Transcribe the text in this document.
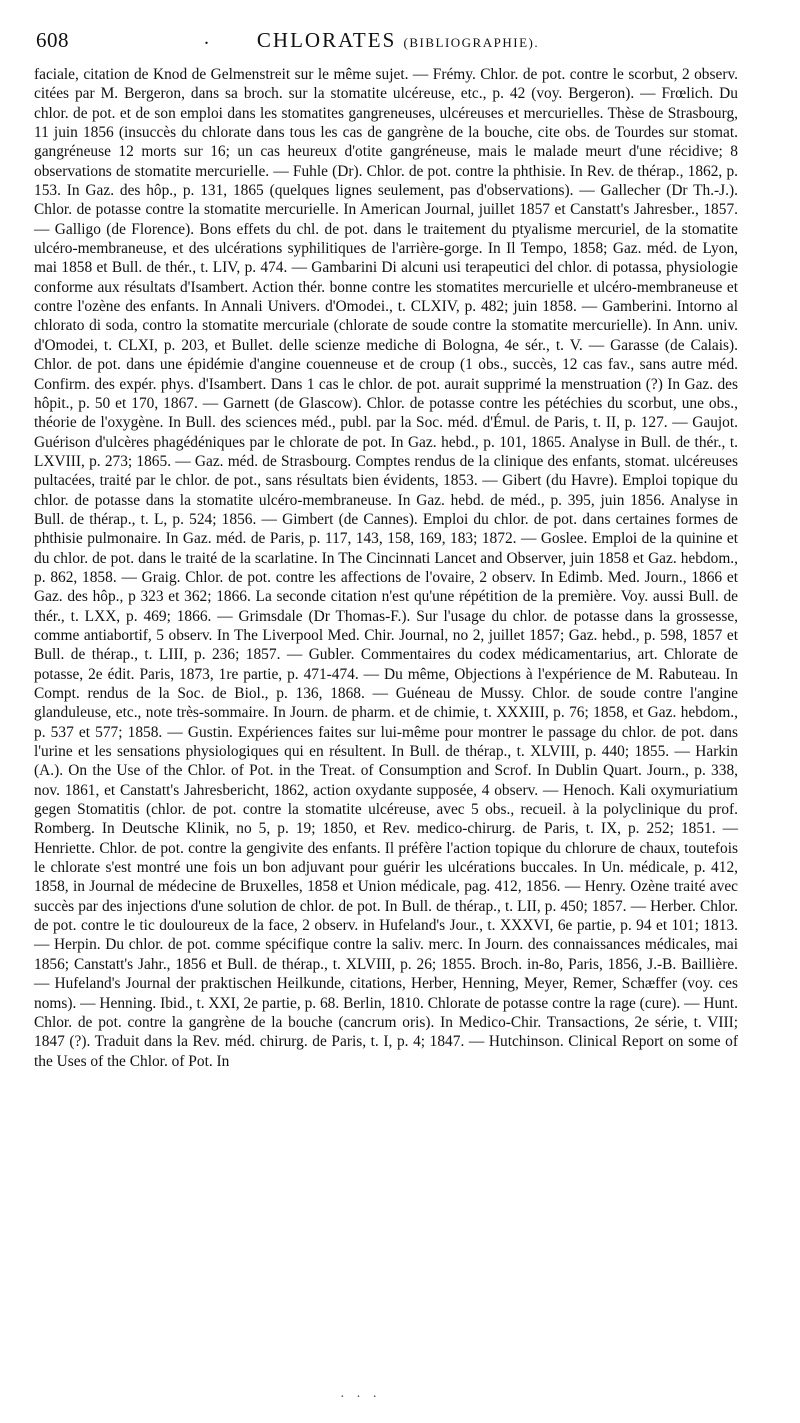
608	.	CHLORATES (BIBLIOGRAPHIE).
faciale, citation de Knod de Gelmenstreit sur le même sujet. — Frémy. Chlor. de pot. contre le scorbut, 2 observ. citées par M. Bergeron, dans sa broch. sur la stomatite ulcéreuse, etc., p. 42 (voy. Bergeron). — Frœlich. Du chlor. de pot. et de son emploi dans les stomatites gangreneuses, ulcéreuses et mercurielles. Thèse de Strasbourg, 11 juin 1856 (insuccès du chlorate dans tous les cas de gangrène de la bouche, cite obs. de Tourdes sur stomat. gangréneuse 12 morts sur 16; un cas heureux d'otite gangréneuse, mais le malade meurt d'une récidive; 8 observations de stomatite mercurielle. — Fuhle (Dr). Chlor. de pot. contre la phthisie. In Rev. de thérap., 1862, p. 153. In Gaz. des hôp., p. 131, 1865 (quelques lignes seulement, pas d'observations). — Gallecher (Dr Th.-J.). Chlor. de potasse contre la stomatite mercurielle. In American Journal, juillet 1857 et Canstatt's Jahresber., 1857. — Galligo (de Florence). Bons effets du chl. de pot. dans le traitement du ptyalisme mercuriel, de la stomatite ulcéro-membraneuse, et des ulcérations syphilitiques de l'arrière-gorge. In Il Tempo, 1858; Gaz. méd. de Lyon, mai 1858 et Bull. de thér., t. LIV, p. 474. — Gambarini Di alcuni usi terapeutici del chlor. di potassa, physiologie conforme aux résultats d'Isambert. Action thér. bonne contre les stomatites mercurielle et ulcéro-membraneuse et contre l'ozène des enfants. In Annali Univers. d'Omodei., t. CLXIV, p. 482; juin 1858. — Gamberini. Intorno al chlorato di soda, contro la stomatite mercuriale (chlorate de soude contre la stomatite mercurielle). In Ann. univ. d'Omodei, t. CLXI, p. 203, et Bullet. delle scienze mediche di Bologna, 4e sér., t. V. — Garasse (de Calais). Chlor. de pot. dans une épidémie d'angine couenneuse et de croup (1 obs., succès, 12 cas fav., sans autre méd. Confirm. des expér. phys. d'Isambert. Dans 1 cas le chlor. de pot. aurait supprimé la menstruation (?) In Gaz. des hôpit., p. 50 et 170, 1867. — Garnett (de Glascow). Chlor. de potasse contre les pétéchies du scorbut, une obs., théorie de l'oxygène. In Bull. des sciences méd., publ. par la Soc. méd. d'Émul. de Paris, t. II, p. 127. — Gaujot. Guérison d'ulcères phagédéniques par le chlorate de pot. In Gaz. hebd., p. 101, 1865. Analyse in Bull. de thér., t. LXVIII, p. 273; 1865. — Gaz. méd. de Strasbourg. Comptes rendus de la clinique des enfants, stomat. ulcéreuses pultacées, traité par le chlor. de pot., sans résultats bien évidents, 1853. — Gibert (du Havre). Emploi topique du chlor. de potasse dans la stomatite ulcéro-membraneuse. In Gaz. hebd. de méd., p. 395, juin 1856. Analyse in Bull. de thérap., t. L, p. 524; 1856. — Gimbert (de Cannes). Emploi du chlor. de pot. dans certaines formes de phthisie pulmonaire. In Gaz. méd. de Paris, p. 117, 143, 158, 169, 183; 1872. — Goslee. Emploi de la quinine et du chlor. de pot. dans le traité de la scarlatine. In The Cincinnati Lancet and Observer, juin 1858 et Gaz. hebdom., p. 862, 1858. — Graig. Chlor. de pot. contre les affections de l'ovaire, 2 observ. In Edimb. Med. Journ., 1866 et Gaz. des hôp., p 323 et 362; 1866. La seconde citation n'est qu'une répétition de la première. Voy. aussi Bull. de thér., t. LXX, p. 469; 1866. — Grimsdale (Dr Thomas-F.). Sur l'usage du chlor. de potasse dans la grossesse, comme antiabortif, 5 observ. In The Liverpool Med. Chir. Journal, no 2, juillet 1857; Gaz. hebd., p. 598, 1857 et Bull. de thérap., t. LIII, p. 236; 1857. — Gubler. Commentaires du codex médicamentarius, art. Chlorate de potasse, 2e édit. Paris, 1873, 1re partie, p. 471-474. — Du même, Objections à l'expérience de M. Rabuteau. In Compt. rendus de la Soc. de Biol., p. 136, 1868. — Guéneau de Mussy. Chlor. de soude contre l'angine glanduleuse, etc., note très-sommaire. In Journ. de pharm. et de chimie, t. XXXIII, p. 76; 1858, et Gaz. hebdom., p. 537 et 577; 1858. — Gustin. Expériences faites sur lui-même pour montrer le passage du chlor. de pot. dans l'urine et les sensations physiologiques qui en résultent. In Bull. de thérap., t. XLVIII, p. 440; 1855. — Harkin (A.). On the Use of the Chlor. of Pot. in the Treat. of Consumption and Scrof. In Dublin Quart. Journ., p. 338, nov. 1861, et Canstatt's Jahresbericht, 1862, action oxydante supposée, 4 observ. — Henoch. Kali oxymuriatium gegen Stomatitis (chlor. de pot. contre la stomatite ulcéreuse, avec 5 obs., recueil. à la polyclinique du prof. Romberg. In Deutsche Klinik, no 5, p. 19; 1850, et Rev. medico-chirurg. de Paris, t. IX, p. 252; 1851. — Henriette. Chlor. de pot. contre la gengivite des enfants. Il préfère l'action topique du chlorure de chaux, toutefois le chlorate s'est montré une fois un bon adjuvant pour guérir les ulcérations buccales. In Un. médicale, p. 412, 1858, in Journal de médecine de Bruxelles, 1858 et Union médicale, pag. 412, 1856. — Henry. Ozène traité avec succès par des injections d'une solution de chlor. de pot. In Bull. de thérap., t. LII, p. 450; 1857. — Herber. Chlor. de pot. contre le tic douloureux de la face, 2 observ. in Hufeland's Jour., t. XXXVI, 6e partie, p. 94 et 101; 1813. — Herpin. Du chlor. de pot. comme spécifique contre la saliv. merc. In Journ. des connaissances médicales, mai 1856; Canstatt's Jahr., 1856 et Bull. de thérap., t. XLVIII, p. 26; 1855. Broch. in-8o, Paris, 1856, J.-B. Baillière. — Hufeland's Journal der praktischen Heilkunde, citations, Herber, Henning, Meyer, Remer, Schæffer (voy. ces noms). — Henning. Ibid., t. XXI, 2e partie, p. 68. Berlin, 1810. Chlorate de potasse contre la rage (cure). — Hunt. Chlor. de pot. contre la gangrène de la bouche (cancrum oris). In Medico-Chir. Transactions, 2e série, t. VIII; 1847 (?). Traduit dans la Rev. méd. chirurg. de Paris, t. I, p. 4; 1847. — Hutchinson. Clinical Report on some of the Uses of the Chlor. of Pot. In
· · ·
